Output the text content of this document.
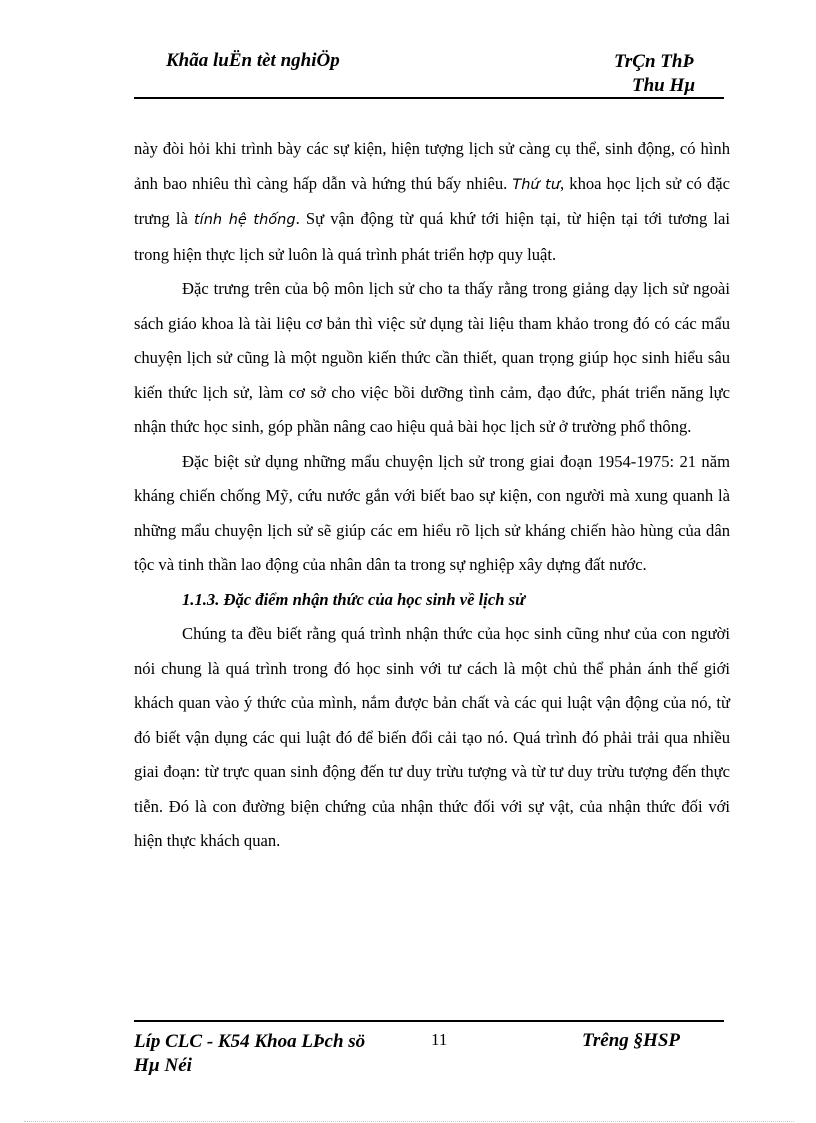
Khãa luËn tèt nghiÖp	TrÇn ThÞ
Thu Hµ

này đòi hỏi khi trình bày các sự kiện, hiện tượng lịch sử càng cụ thể, sinh động, có hình ảnh bao nhiêu thì càng hấp dẫn và hứng thú bấy nhiêu. Thứ tư, khoa học lịch sử có đặc trưng là tính hệ thống. Sự vận động từ quá khứ tới hiện tại, từ hiện tại tới tương lai trong hiện thực lịch sử luôn là quá trình phát triển hợp quy luật.

Đặc trưng trên của bộ môn lịch sử cho ta thấy rằng trong giảng dạy lịch sử ngoài sách giáo khoa là tài liệu cơ bản thì việc sử dụng tài liệu tham khảo trong đó có các mẩu chuyện lịch sử cũng là một nguồn kiến thức cần thiết, quan trọng giúp học sinh hiểu sâu kiến thức lịch sử, làm cơ sở cho việc bồi dưỡng tình cảm, đạo đức, phát triển năng lực nhận thức học sinh, góp phần nâng cao hiệu quả bài học lịch sử ở trường phổ thông.

Đặc biệt sử dụng những mẩu chuyện lịch sử trong giai đoạn 1954-1975: 21 năm kháng chiến chống Mỹ, cứu nước gắn với biết bao sự kiện, con người mà xung quanh là những mẩu chuyện lịch sử sẽ giúp các em hiểu rõ lịch sử kháng chiến hào hùng của dân tộc và tinh thần lao động của nhân dân ta trong sự nghiệp xây dựng đất nước.

1.1.3. Đặc điểm nhận thức của học sinh về lịch sử

Chúng ta đều biết rằng quá trình nhận thức của học sinh cũng như của con người nói chung là quá trình trong đó học sinh với tư cách là một chủ thể phản ánh thế giới khách quan vào ý thức của mình, nắm được bản chất và các qui luật vận động của nó, từ đó biết vận dụng các qui luật đó để biến đổi cải tạo nó. Quá trình đó phải trải qua nhiều giai đoạn: từ trực quan sinh động đến tư duy trừu tượng và từ tư duy trừu tượng đến thực tiễn. Đó là con đường biện chứng của nhận thức đối với sự vật, của nhận thức đối với hiện thực khách quan.

Líp CLC - K54 Khoa LÞch sö
Hµ Néi
11	Trêng §HSP
